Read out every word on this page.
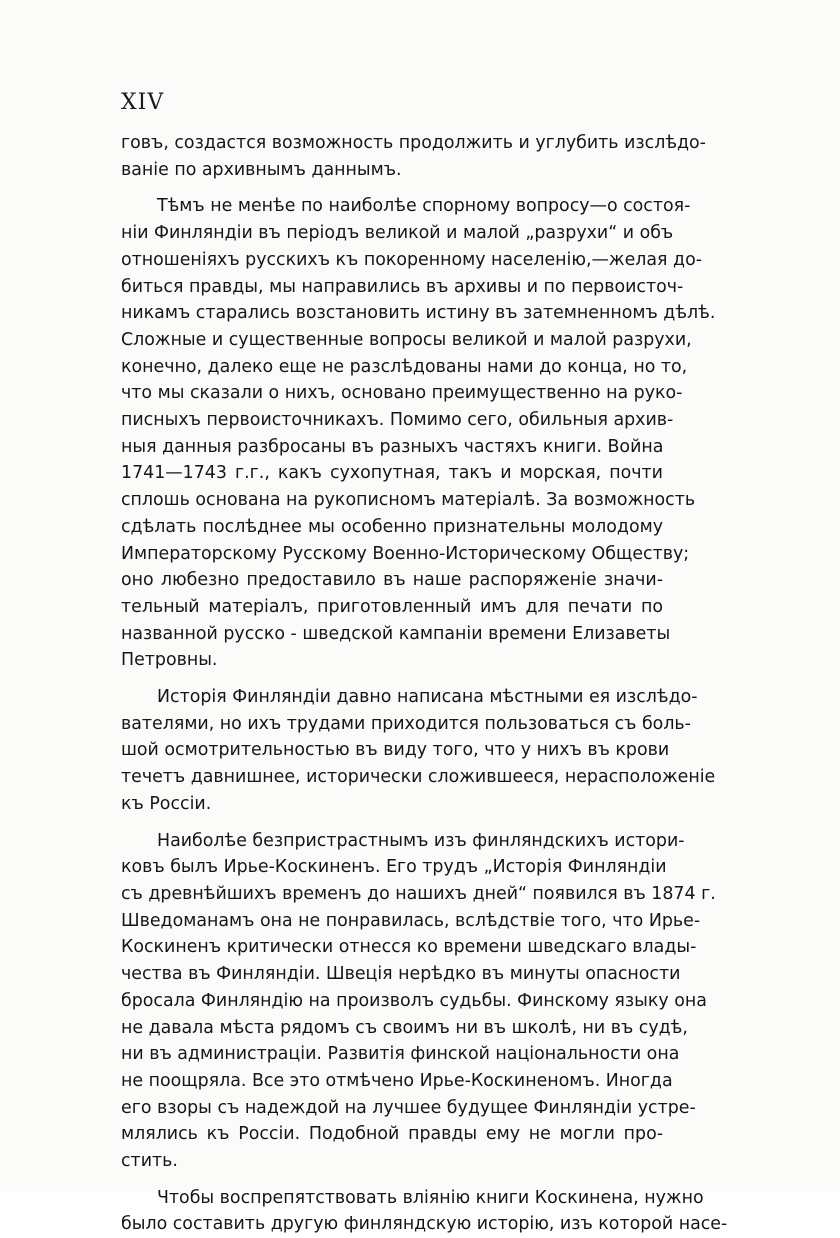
XIV

говъ, создастся возможность продолжить и углубить изслѣдо-
ваніе по архивнымъ даннымъ.
Тѣмъ не менѣе по наиболѣе спорному вопросу—о состоя-
ніи Финляндіи въ періодъ великой и малой „разрухи“ и объ
отношеніяхъ русскихъ къ покоренному населенію,—желая до-
биться правды, мы направились въ архивы и по первоисточ-
никамъ старались возстановить истину въ затемненномъ дѣлѣ.
Сложные и существенные вопросы великой и малой разрухи,
конечно, далеко еще не разслѣдованы нами до конца, но то,
что мы сказали о нихъ, основано преимущественно на руко-
писныхъ первоисточникахъ. Помимо сего, обильныя архив-
ныя данныя разбросаны въ разныхъ частяхъ книги. Война
1741—1743 г.г., какъ сухопутная, такъ и морская, почти
сплошь основана на рукописномъ матеріалѣ. За возможность
сдѣлать послѣднее мы особенно признательны молодому
Императорскому Русскому Военно-Историческому Обществу;
оно любезно предоставило въ наше распоряженіе значи-
тельный матеріалъ, приготовленный имъ для печати по
названной русско - шведской кампаніи времени Елизаветы
Петровны.
Исторія Финляндіи давно написана мѣстными ея изслѣдо-
вателями, но ихъ трудами приходится пользоваться съ боль-
шой осмотрительностью въ виду того, что у нихъ въ крови
течетъ давнишнее, исторически сложившееся, нерасположеніе
къ Россіи.
Наиболѣе безпристрастнымъ изъ финляндскихъ истори-
ковъ былъ Ирье-Коскиненъ. Его трудъ „Исторія Финляндіи
съ древнѣйшихъ временъ до нашихъ дней“ появился въ 1874 г.
Шведоманамъ она не понравилась, вслѣдствіе того, что Ирье-
Коскиненъ критически отнесся ко времени шведскаго влады-
чества въ Финляндіи. Швеція нерѣдко въ минуты опасности
бросала Финляндію на произволъ судьбы. Финскому языку она
не давала мѣста рядомъ съ своимъ ни въ школѣ, ни въ судѣ,
ни въ администраціи. Развитія финской національности она
не поощряла. Все это отмѣчено Ирье-Коскиненомъ. Иногда
его взоры съ надеждой на лучшее будущее Финляндіи устре-
млялись къ Россіи. Подобной правды ему не могли про-
стить.
Чтобы воспрепятствовать вліянію книги Коскинена, нужно
было составить другую финляндскую исторію, изъ которой насе-
